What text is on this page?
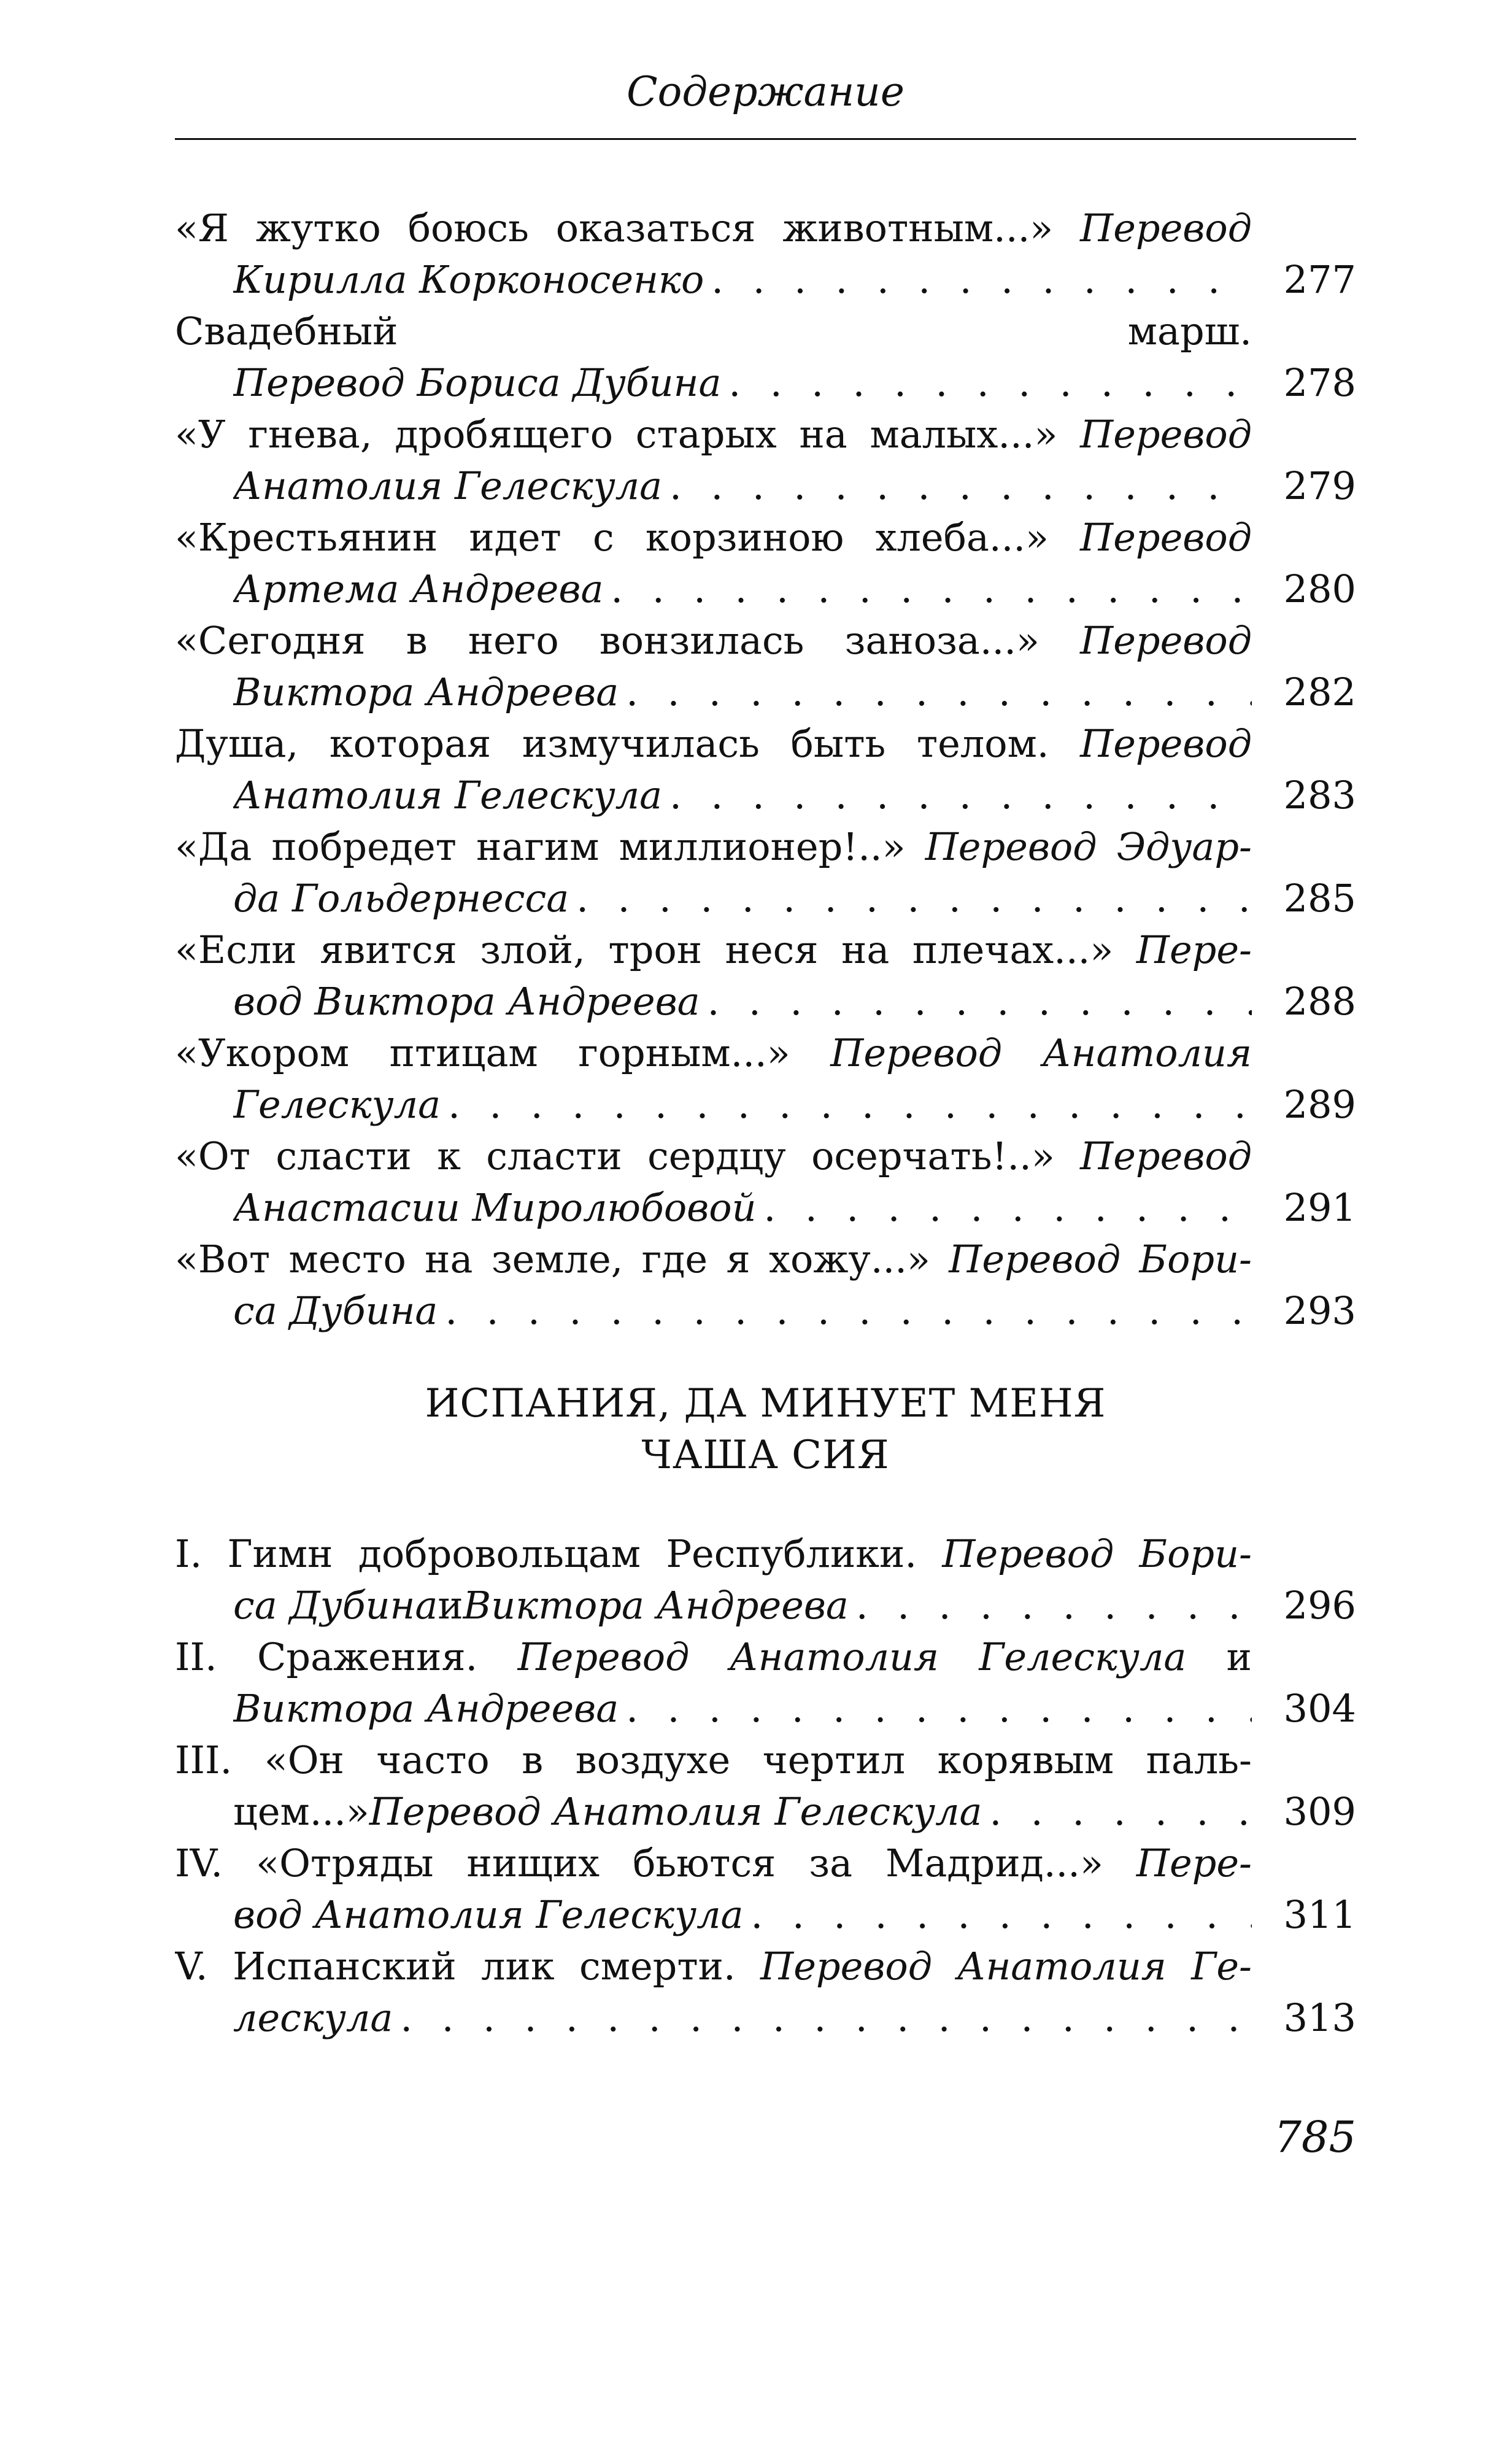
Содержание
«Я жутко боюсь оказаться животным...» Перевод
Кирилла Корконосенко . . .	277
Свадебный марш.
Перевод Бориса Дубина . . .	278
«У гнева, дробящего старых на малых...» Перевод
Анатолия Гелескула . . .	279
«Крестьянин идет с корзиною хлеба...» Перевод
Артема Андреева . . .	280
«Сегодня в него вонзилась заноза...» Перевод
Виктора Андреева . . .	282
Душа, которая измучилась быть телом. Перевод
Анатолия Гелескула . . .	283
«Да побредет нагим миллионер!..» Перевод Эдуар-
да Гольдернесса . . .	285
«Если явится злой, трон неся на плечах...» Пере-
вод Виктора Андреева . . .	288
«Укором птицам горным...» Перевод Анатолия
Гелескула . . .	289
«От сласти к сласти сердцу осерчать!..» Перевод
Анастасии Миролюбовой . . .	291
«Вот место на земле, где я хожу...» Перевод Бори-
са Дубина . . .	293
ИСПАНИЯ, ДА МИНУЕТ МЕНЯ
ЧАША СИЯ
I. Гимн добровольцам Республики. Перевод Бори-
са Дубина и Виктора Андреева . . .	296
II. Сражения. Перевод Анатолия Гелескула и
Виктора Андреева . . .	304
III. «Он часто в воздухе чертил корявым паль-
цем...» Перевод Анатолия Гелескула . . .	309
IV. «Отряды нищих бьются за Мадрид...» Пере-
вод Анатолия Гелескула . . .	311
V. Испанский лик смерти. Перевод Анатолия Ге-
лескула . . .	313
785
